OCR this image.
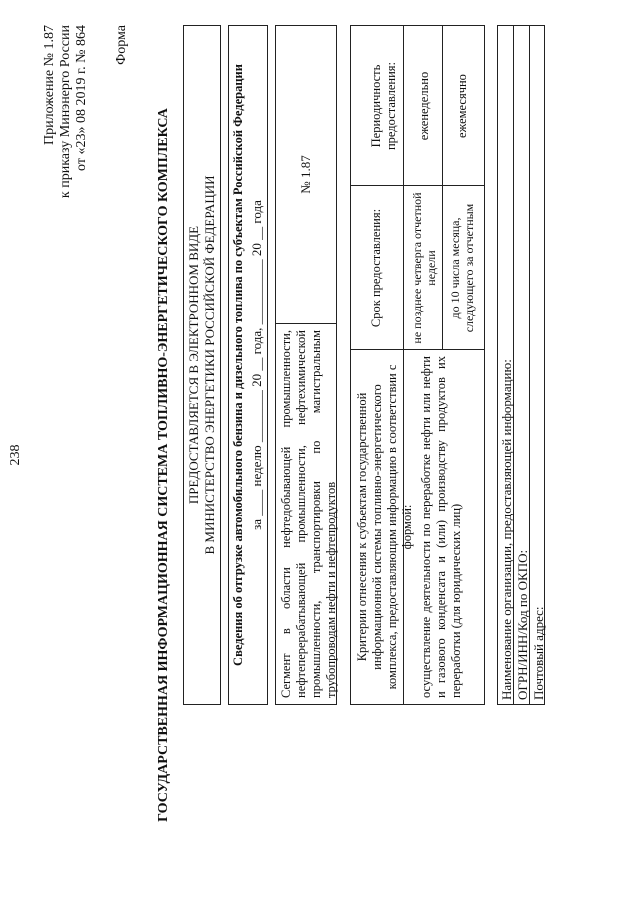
238
Приложение № 1.87 к приказу Минэнерго России от «23» 08 2019 г. № 864 Форма
ГОСУДАРСТВЕННАЯ ИНФОРМАЦИОННАЯ СИСТЕМА ТОПЛИВНО-ЭНЕРГЕТИЧЕСКОГО КОМПЛЕКСА ПРЕДОСТАВЛЯЕТСЯ В ЭЛЕКТРОННОМ ВИДЕ В МИНИСТЕРСТВО ЭНЕРГЕТИКИ РОССИЙСКОЙ ФЕДЕРАЦИИ Сведения об отгрузке автомобильного бензина и дизельного топлива по субъектам Российской Федерации за ____ неделю ________ 20 __ года, __________ 20 __ года Сегмент в области нефтедобывающей промышленности, нефтеперерабатывающей промышленности, нефтехимической промышленности, транспортировки по магистральным трубопроводам нефти и нефтепродуктов
№ 1.87
Критерии отнесения к субъектам государственной информационной системы топливно-энергетического комплекса, предоставляющим информацию в соответствии с формой:
Срок предоставления:
Периодичность предоставления:
осуществление деятельности по переработке нефти или нефти и газового конденсата и (или) производству продуктов их переработки (для юридических лиц)
не позднее четверга отчетной недели до 10 числа месяца, следующего за отчетным
еженедельно	ежемесячно
Наименование организации, предоставляющей информацию: ОГРН/ИНН/Код по ОКПО: Почтовый адрес:
